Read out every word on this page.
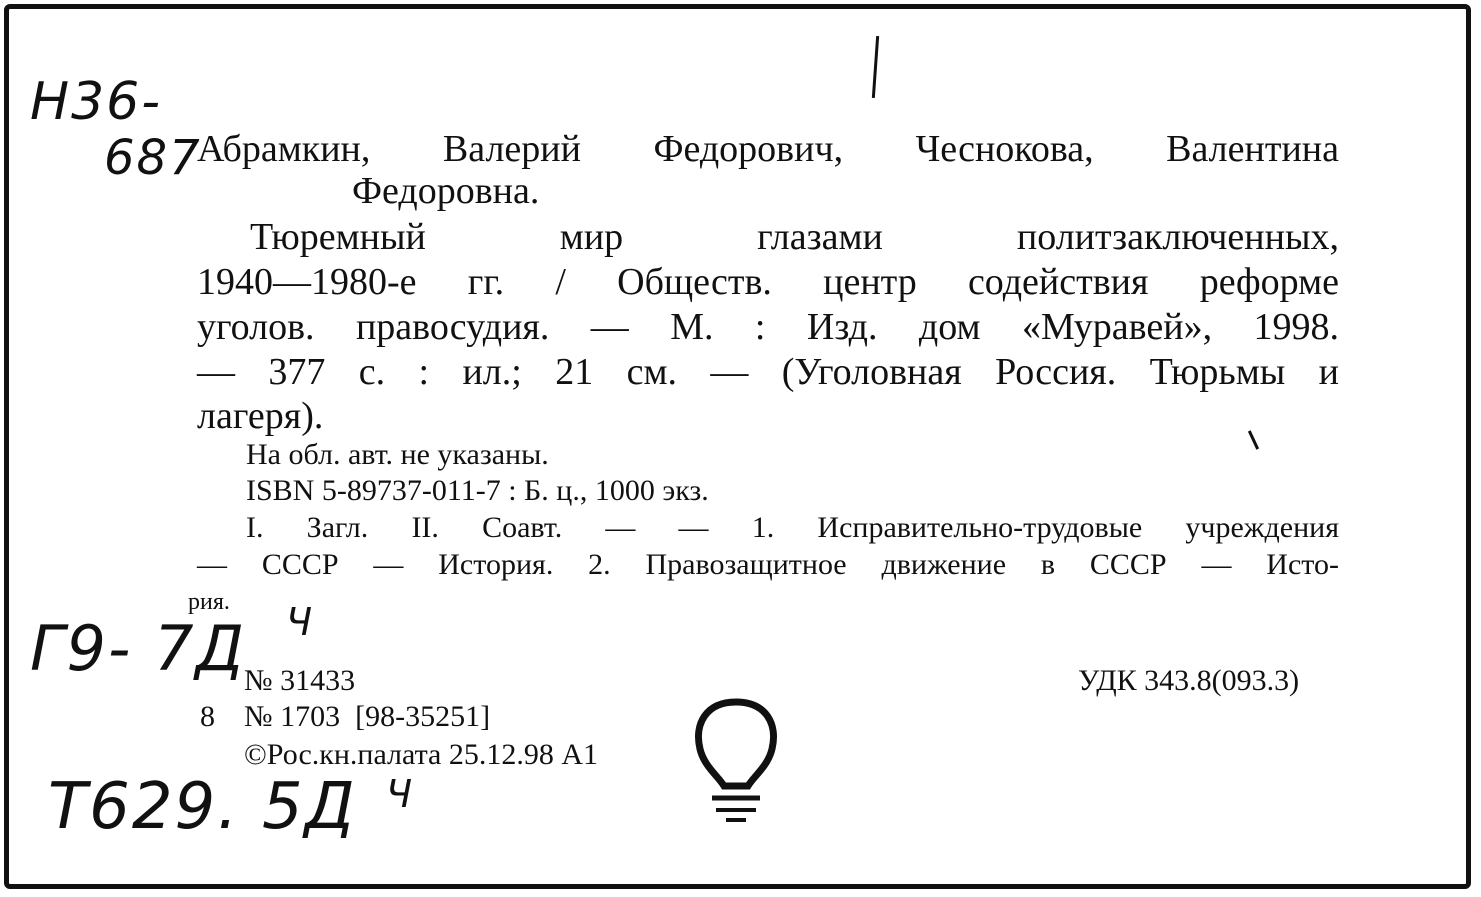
Н36-
687
Г9- 7Д Ч
Т629. 5Д Ч
Абрамкин, Валерий Федорович, Чеснокова, Валентина
Федоровна.
Тюремный мир глазами политзаключенных,
1940—1980-е гг. / Обществ. центр содействия реформе
уголов. правосудия. — М. : Изд. дом «Муравей», 1998.
— 377 с. : ил.; 21 см. — (Уголовная Россия. Тюрьмы и
лагеря).
На обл. авт. не указаны.
ISBN 5-89737-011-7 : Б. ц., 1000 экз.
I. Загл. II. Соавт. — — 1. Исправительно-трудовые учреждения
— СССР — История. 2. Правозащитное движение в СССР — Исто-
рия.
№ 31433	УДК 343.8(093.3)
8 № 1703  [98-35251]
©Рос.кн.палата 25.12.98 А1
